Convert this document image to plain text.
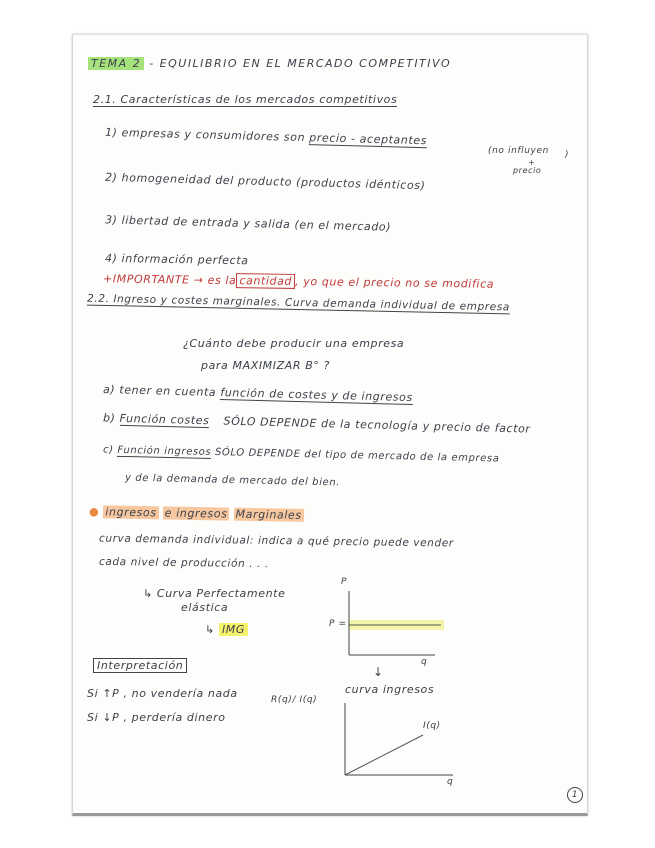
TEMA 2 - EQUILIBRIO EN EL MERCADO COMPETITIVO
2.1. Características de los mercados competitivos
1) empresas y consumidores son precio - aceptantes
(no influyen )
+
precio
2) homogeneidad del producto (productos idénticos)
3) libertad de entrada y salida (en el mercado)
4) información perfecta
+IMPORTANTE → es la cantidad , yo que el precio no se modifica
2.2. Ingreso y costes marginales. Curva demanda individual de empresa
¿Cuánto debe producir una empresa
para MAXIMIZAR B° ?
a) tener en cuenta función de costes y de ingresos
b) Función costes SÓLO DEPENDE de la tecnología y precio de factor
c) Función ingresos SÓLO DEPENDE del tipo de mercado de la empresa
y de la demanda de mercado del bien.
● ingresos e ingresos Marginales
curva demanda individual: indica a qué precio puede vender
cada nivel de producción . . .
↳ Curva Perfectamente
elástica
↳ IMG
P
P =
q
↓
curva ingresos
R(q)/ I(q)
I(q)
q
Interpretación
Si ↑P , no vendería nada
Si ↓P , perdería dinero
1
